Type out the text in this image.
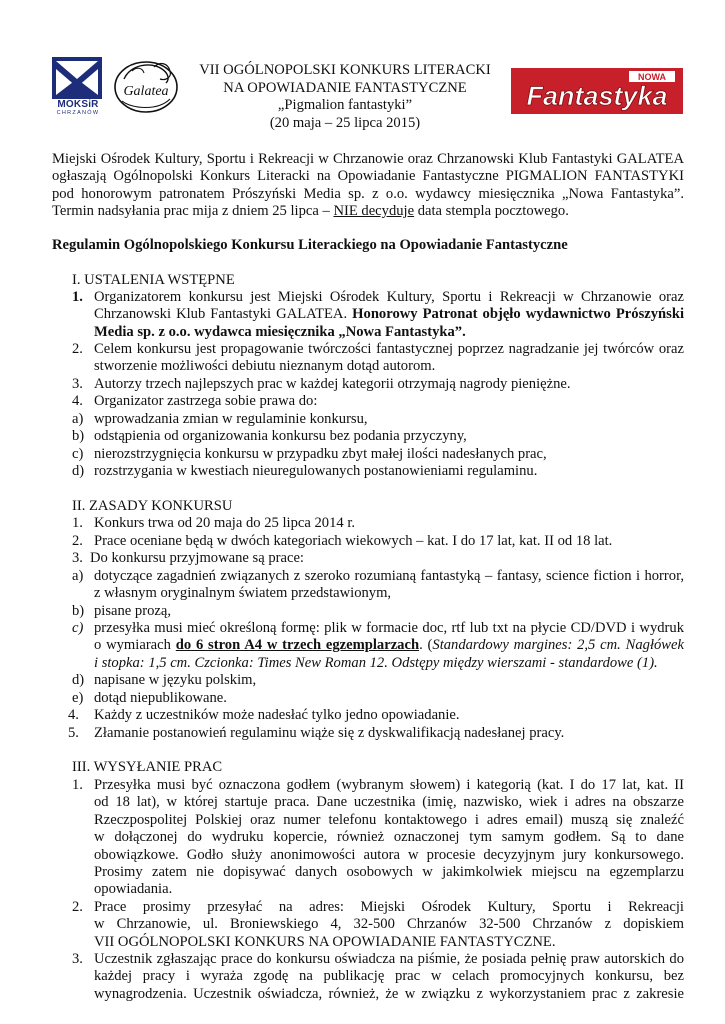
MOKSiR
CHRZANÓW
Galatea
NOWA
Fantastyka
VII OGÓLNOPOLSKI KONKURS LITERACKI
NA OPOWIADANIE FANTASTYCZNE
„Pigmalion fantastyki”
(20 maja – 25 lipca 2015)
Miejski Ośrodek Kultury, Sportu i Rekreacji w Chrzanowie oraz Chrzanowski Klub Fantastyki GALATEA
ogłaszają Ogólnopolski Konkurs Literacki na Opowiadanie Fantastyczne PIGMALION FANTASTYKI
pod honorowym patronatem Prószyński Media sp. z o.o. wydawcy miesięcznika „Nowa Fantastyka”.
Termin nadsyłania prac mija z dniem 25 lipca – NIE decyduje data stempla pocztowego.
Regulamin Ogólnopolskiego Konkursu Literackiego na Opowiadanie Fantastyczne
I. USTALENIA WSTĘPNE
1. Organizatorem konkursu jest Miejski Ośrodek Kultury, Sportu i Rekreacji w Chrzanowie oraz
Chrzanowski Klub Fantastyki GALATEA. Honorowy Patronat objęło wydawnictwo Prószyński
Media sp. z o.o. wydawca miesięcznika „Nowa Fantastyka”.
2. Celem konkursu jest propagowanie twórczości fantastycznej poprzez nagradzanie jej twórców oraz
stworzenie możliwości debiutu nieznanym dotąd autorom.
3. Autorzy trzech najlepszych prac w każdej kategorii otrzymają nagrody pieniężne.
4. Organizator zastrzega sobie prawa do:
a) wprowadzania zmian w regulaminie konkursu,
b) odstąpienia od organizowania konkursu bez podania przyczyny,
c) nierozstrzygnięcia konkursu w przypadku zbyt małej ilości nadesłanych prac,
d) rozstrzygania w kwestiach nieuregulowanych postanowieniami regulaminu.
II. ZASADY KONKURSU
1. Konkurs trwa od 20 maja do 25 lipca 2014 r.
2. Prace oceniane będą w dwóch kategoriach wiekowych – kat. I do 17 lat, kat. II od 18 lat.
3. Do konkursu przyjmowane są prace:
a) dotyczące zagadnień związanych z szeroko rozumianą fantastyką – fantasy, science fiction i horror,
z własnym oryginalnym światem przedstawionym,
b) pisane prozą,
c) przesyłka musi mieć określoną formę: plik w formacie doc, rtf lub txt na płycie CD/DVD i wydruk
o wymiarach do 6 stron A4 w trzech egzemplarzach. (Standardowy margines: 2,5 cm. Nagłówek
i stopka: 1,5 cm. Czcionka: Times New Roman 12. Odstępy między wierszami - standardowe (1).
d) napisane w języku polskim,
e) dotąd niepublikowane.
4. Każdy z uczestników może nadesłać tylko jedno opowiadanie.
5. Złamanie postanowień regulaminu wiąże się z dyskwalifikacją nadesłanej pracy.
III. WYSYŁANIE PRAC
1. Przesyłka musi być oznaczona godłem (wybranym słowem) i kategorią (kat. I do 17 lat, kat. II
od 18 lat), w której startuje praca. Dane uczestnika (imię, nazwisko, wiek i adres na obszarze
Rzeczpospolitej Polskiej oraz numer telefonu kontaktowego i adres email) muszą się znaleźć
w dołączonej do wydruku kopercie, również oznaczonej tym samym godłem. Są to dane
obowiązkowe. Godło służy anonimowości autora w procesie decyzyjnym jury konkursowego.
Prosimy zatem nie dopisywać danych osobowych w jakimkolwiek miejscu na egzemplarzu
opowiadania.
2. Prace prosimy przesyłać na adres: Miejski Ośrodek Kultury, Sportu i Rekreacji
w Chrzanowie, ul. Broniewskiego 4, 32-500 Chrzanów 32-500 Chrzanów z dopiskiem
VII OGÓLNOPOLSKI KONKURS NA OPOWIADANIE FANTASTYCZNE.
3. Uczestnik zgłaszając prace do konkursu oświadcza na piśmie, że posiada pełnię praw autorskich do
każdej pracy i wyraża zgodę na publikację prac w celach promocyjnych konkursu, bez
wynagrodzenia. Uczestnik oświadcza, również, że w związku z wykorzystaniem prac z zakresie
